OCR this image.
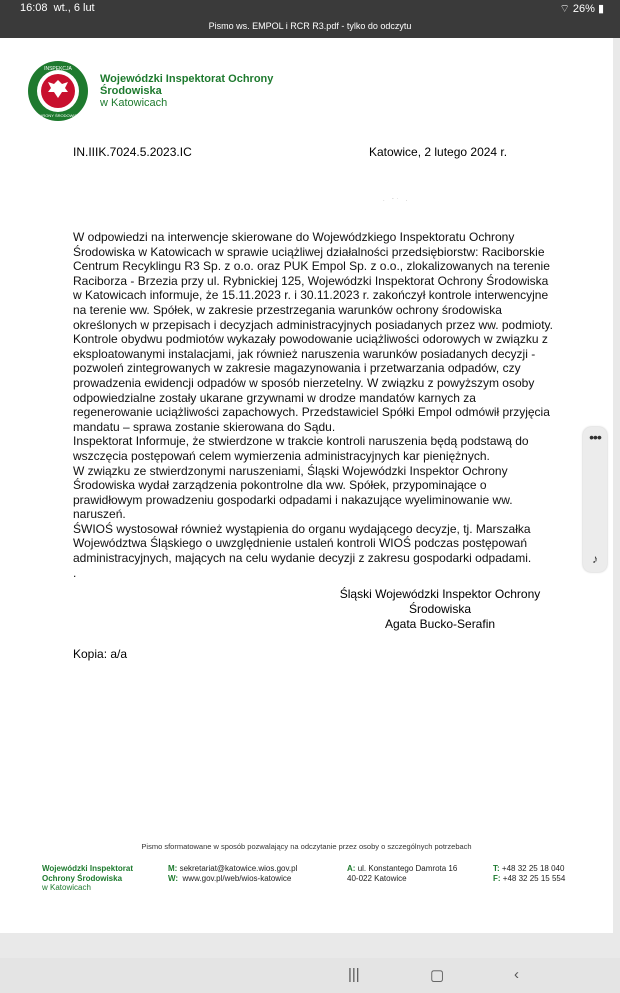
16:08 wt., 6 lut	⌔ 26% ▮
Pismo ws. EMPOL i RCR R3.pdf - tylko do odczytu
INSPEKCJA
OCHRONY ŚRODOWISKA
Wojewódzki Inspektorat Ochrony
Środowiska
w Katowicach
IN.IIIK.7024.5.2023.IC	Katowice, 2 lutego 2024 r.
· ˉ˙ ·

W odpowiedzi na interwencje skierowane do Wojewódzkiego Inspektoratu Ochrony Środowiska w Katowicach w sprawie uciążliwej działalności przedsiębiorstw: Raciborskie Centrum Recyklingu R3 Sp. z o.o. oraz PUK Empol Sp. z o.o., zlokalizowanych na terenie Raciborza - Brzezia przy ul. Rybnickiej 125, Wojewódzki Inspektorat Ochrony Środowiska w Katowicach informuje, że 15.11.2023 r. i 30.11.2023 r. zakończył kontrole interwencyjne na terenie ww. Spółek, w zakresie przestrzegania warunków ochrony środowiska określonych w przepisach i decyzjach administracyjnych posiadanych przez ww. podmioty.

Kontrole obydwu podmiotów wykazały powodowanie uciążliwości odorowych w związku z eksploatowanymi instalacjami, jak również naruszenia warunków posiadanych decyzji - pozwoleń zintegrowanych w zakresie magazynowania i przetwarzania odpadów, czy prowadzenia ewidencji odpadów w sposób nierzetelny. W związku z powyższym osoby odpowiedzialne zostały ukarane grzywnami w drodze mandatów karnych za regenerowanie uciążliwości zapachowych. Przedstawiciel Spółki Empol odmówił przyjęcia mandatu – sprawa zostanie skierowana do Sądu.

Inspektorat Informuje, że stwierdzone w trakcie kontroli naruszenia będą podstawą do wszczęcia postępowań celem wymierzenia administracyjnych kar pieniężnych.

W związku ze stwierdzonymi naruszeniami, Śląski Wojewódzki Inspektor Ochrony Środowiska wydał zarządzenia pokontrolne dla ww. Spółek, przypominające o prawidłowym prowadzeniu gospodarki odpadami i nakazujące wyeliminowanie ww. naruszeń.

ŚWIOŚ wystosował również wystąpienia do organu wydającego decyzje, tj. Marszałka Województwa Śląskiego o uwzględnienie ustaleń kontroli WIOŚ podczas postępowań administracyjnych, mających na celu wydanie decyzji z zakresu gospodarki odpadami.

.

Śląski Wojewódzki Inspektor Ochrony
Środowiska
Agata Bucko-Serafin
Kopia: a/a
Pismo sformatowane w sposób pozwalający na odczytanie przez osoby o szczególnych potrzebach
Wojewódzki Inspektorat
Ochrony Środowiska
w Katowicach
M: sekretariat@katowice.wios.gov.pl
W: www.gov.pl/web/wios-katowice
A: ul. Konstantego Damrota 16
40-022 Katowice
T: +48 32 25 18 040
F: +48 32 25 15 554
•••
♪
|||	▢	‹
